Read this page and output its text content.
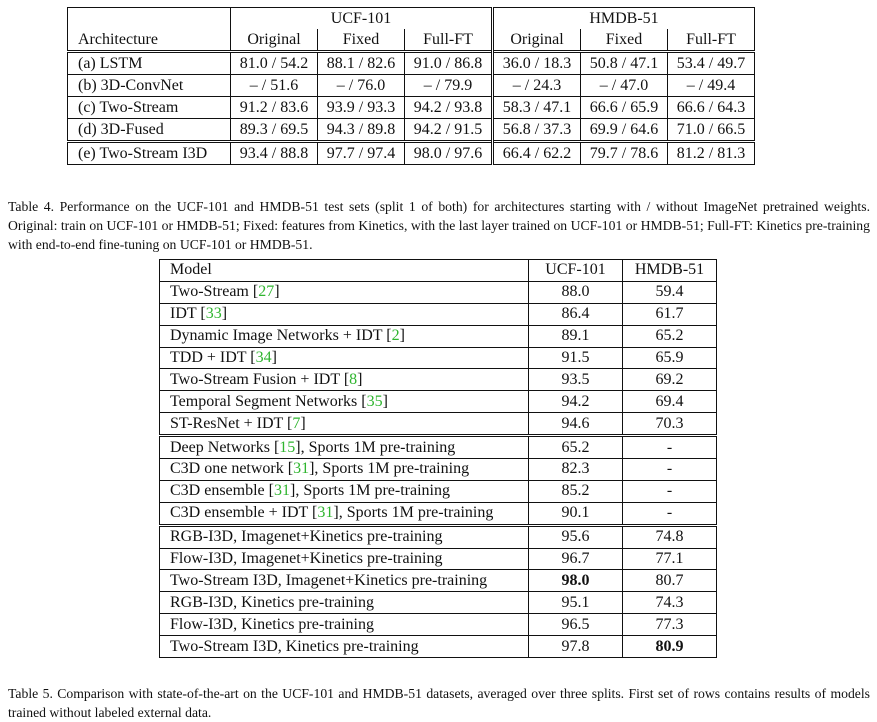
	UCF-101			HMDB-51		
Architecture	Original	Fixed	Full-FT	Original	Fixed	Full-FT
(a) LSTM	81.0 / 54.2	88.1 / 82.6	91.0 / 86.8	36.0 / 18.3	50.8 / 47.1	53.4 / 49.7
(b) 3D-ConvNet	– / 51.6	– / 76.0	– / 79.9	– / 24.3	– / 47.0	– / 49.4
(c) Two-Stream	91.2 / 83.6	93.9 / 93.3	94.2 / 93.8	58.3 / 47.1	66.6 / 65.9	66.6 / 64.3
(d) 3D-Fused	89.3 / 69.5	94.3 / 89.8	94.2 / 91.5	56.8 / 37.3	69.9 / 64.6	71.0 / 66.5
(e) Two-Stream I3D	93.4 / 88.8	97.7 / 97.4	98.0 / 97.6	66.4 / 62.2	79.7 / 78.6	81.2 / 81.3

Table 4. Performance on the UCF-101 and HMDB-51 test sets (split 1 of both) for architectures starting with / without ImageNet pretrained weights. Original: train on UCF-101 or HMDB-51; Fixed: features from Kinetics, with the last layer trained on UCF-101 or HMDB-51; Full-FT: Kinetics pre-training with end-to-end fine-tuning on UCF-101 or HMDB-51.

Model	UCF-101	HMDB-51
Two-Stream [27]	88.0	59.4
IDT [33]	86.4	61.7
Dynamic Image Networks + IDT [2]	89.1	65.2
TDD + IDT [34]	91.5	65.9
Two-Stream Fusion + IDT [8]	93.5	69.2
Temporal Segment Networks [35]	94.2	69.4
ST-ResNet + IDT [7]	94.6	70.3
Deep Networks [15], Sports 1M pre-training	65.2	-
C3D one network [31], Sports 1M pre-training	82.3	-
C3D ensemble [31], Sports 1M pre-training	85.2	-
C3D ensemble + IDT [31], Sports 1M pre-training	90.1	-
RGB-I3D, Imagenet+Kinetics pre-training	95.6	74.8
Flow-I3D, Imagenet+Kinetics pre-training	96.7	77.1
Two-Stream I3D, Imagenet+Kinetics pre-training	98.0	80.7
RGB-I3D, Kinetics pre-training	95.1	74.3
Flow-I3D, Kinetics pre-training	96.5	77.3
Two-Stream I3D, Kinetics pre-training	97.8	80.9

Table 5. Comparison with state-of-the-art on the UCF-101 and HMDB-51 datasets, averaged over three splits. First set of rows contains results of models trained without labeled external data.
